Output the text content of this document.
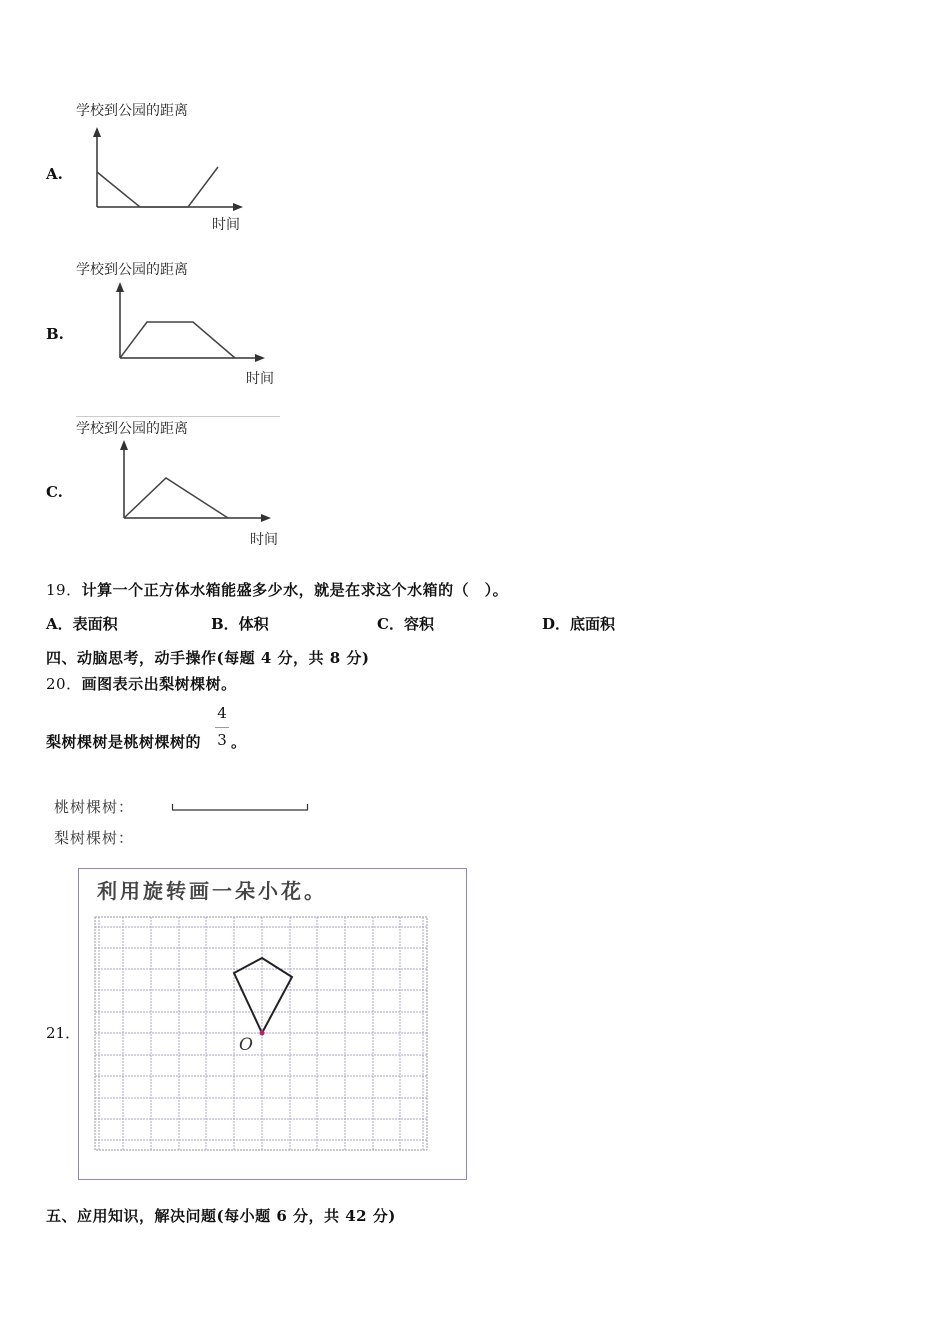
A.
学校到公园的距离
时间
B.
学校到公园的距离
时间
C.
学校到公园的距离
时间
19．计算一个正方体水箱能盛多少水，就是在求这个水箱的（　）。
A．表面积	B．体积	C．容积	D．底面积
四、动脑思考，动手操作(每题 4 分，共 8 分)
20．画图表示出梨树棵树。
梨树棵树是桃树棵树的
4
3 。
桃树棵树：
梨树棵树：
21．
利用旋转画一朵小花。
O
五、应用知识，解决问题(每小题 6 分，共 42 分)
